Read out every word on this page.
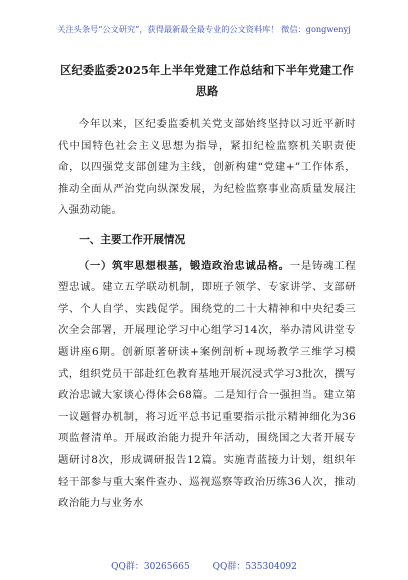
关注头条号“公文研究”，获得最新最全最专业的公文资料库！ 微信：gongwenyj
区纪委监委2025年上半年党建工作总结和下半年党建工作思路

今年以来，区纪委监委机关党支部始终坚持以习近平新时代中国特色社会主义思想为指导，紧扣纪检监察机关职责使命，以四强党支部创建为主线，创新构建“党建+”工作体系，推动全面从严治党向纵深发展，为纪检监察事业高质量发展注入强劲动能。

一、主要工作开展情况

（一）筑牢思想根基，锻造政治忠诚品格。一是铸魂工程塑忠诚。建立五学联动机制，即班子领学、专家讲学、支部研学、个人自学、实践促学。围绕党的二十大精神和中央纪委三次全会部署，开展理论学习中心组学习14次，举办清风讲堂专题讲座6期。创新原著研读+案例剖析+现场教学三维学习模式，组织党员干部赴红色教育基地开展沉浸式学习3批次，撰写政治忠诚大家谈心得体会68篇。二是知行合一强担当。建立第一议题督办机制，将习近平总书记重要指示批示精神细化为36项监督清单。开展政治能力提升年活动，围绕国之大者开展专题研讨8次，形成调研报告12篇。实施青蓝接力计划，组织年轻干部参与重大案件查办、巡视巡察等政治历练36人次，推动政治能力与业务水

QQ群：30265665	QQ群：535304092
